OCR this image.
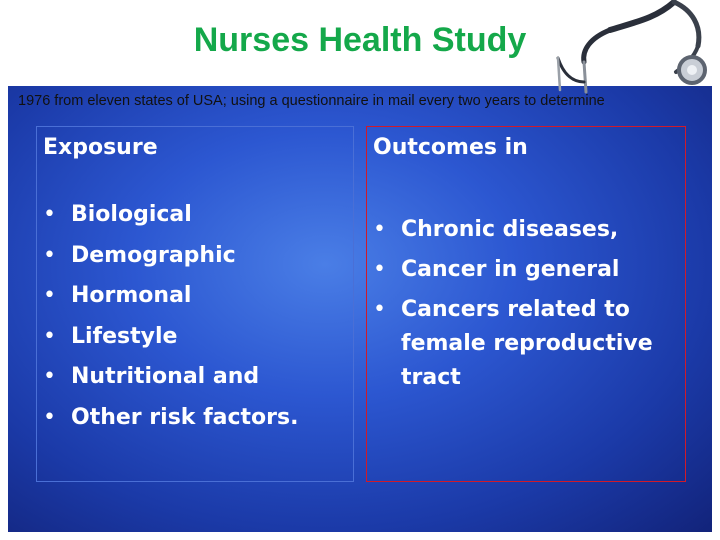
Nurses Health Study
1976 from eleven states of USA; using a questionnaire in mail every two years to determine
Exposure
• Biological
• Demographic
• Hormonal
• Lifestyle
• Nutritional and
• Other risk factors.
Outcomes in
• Chronic diseases,
• Cancer in general
• Cancers related to female reproductive tract
